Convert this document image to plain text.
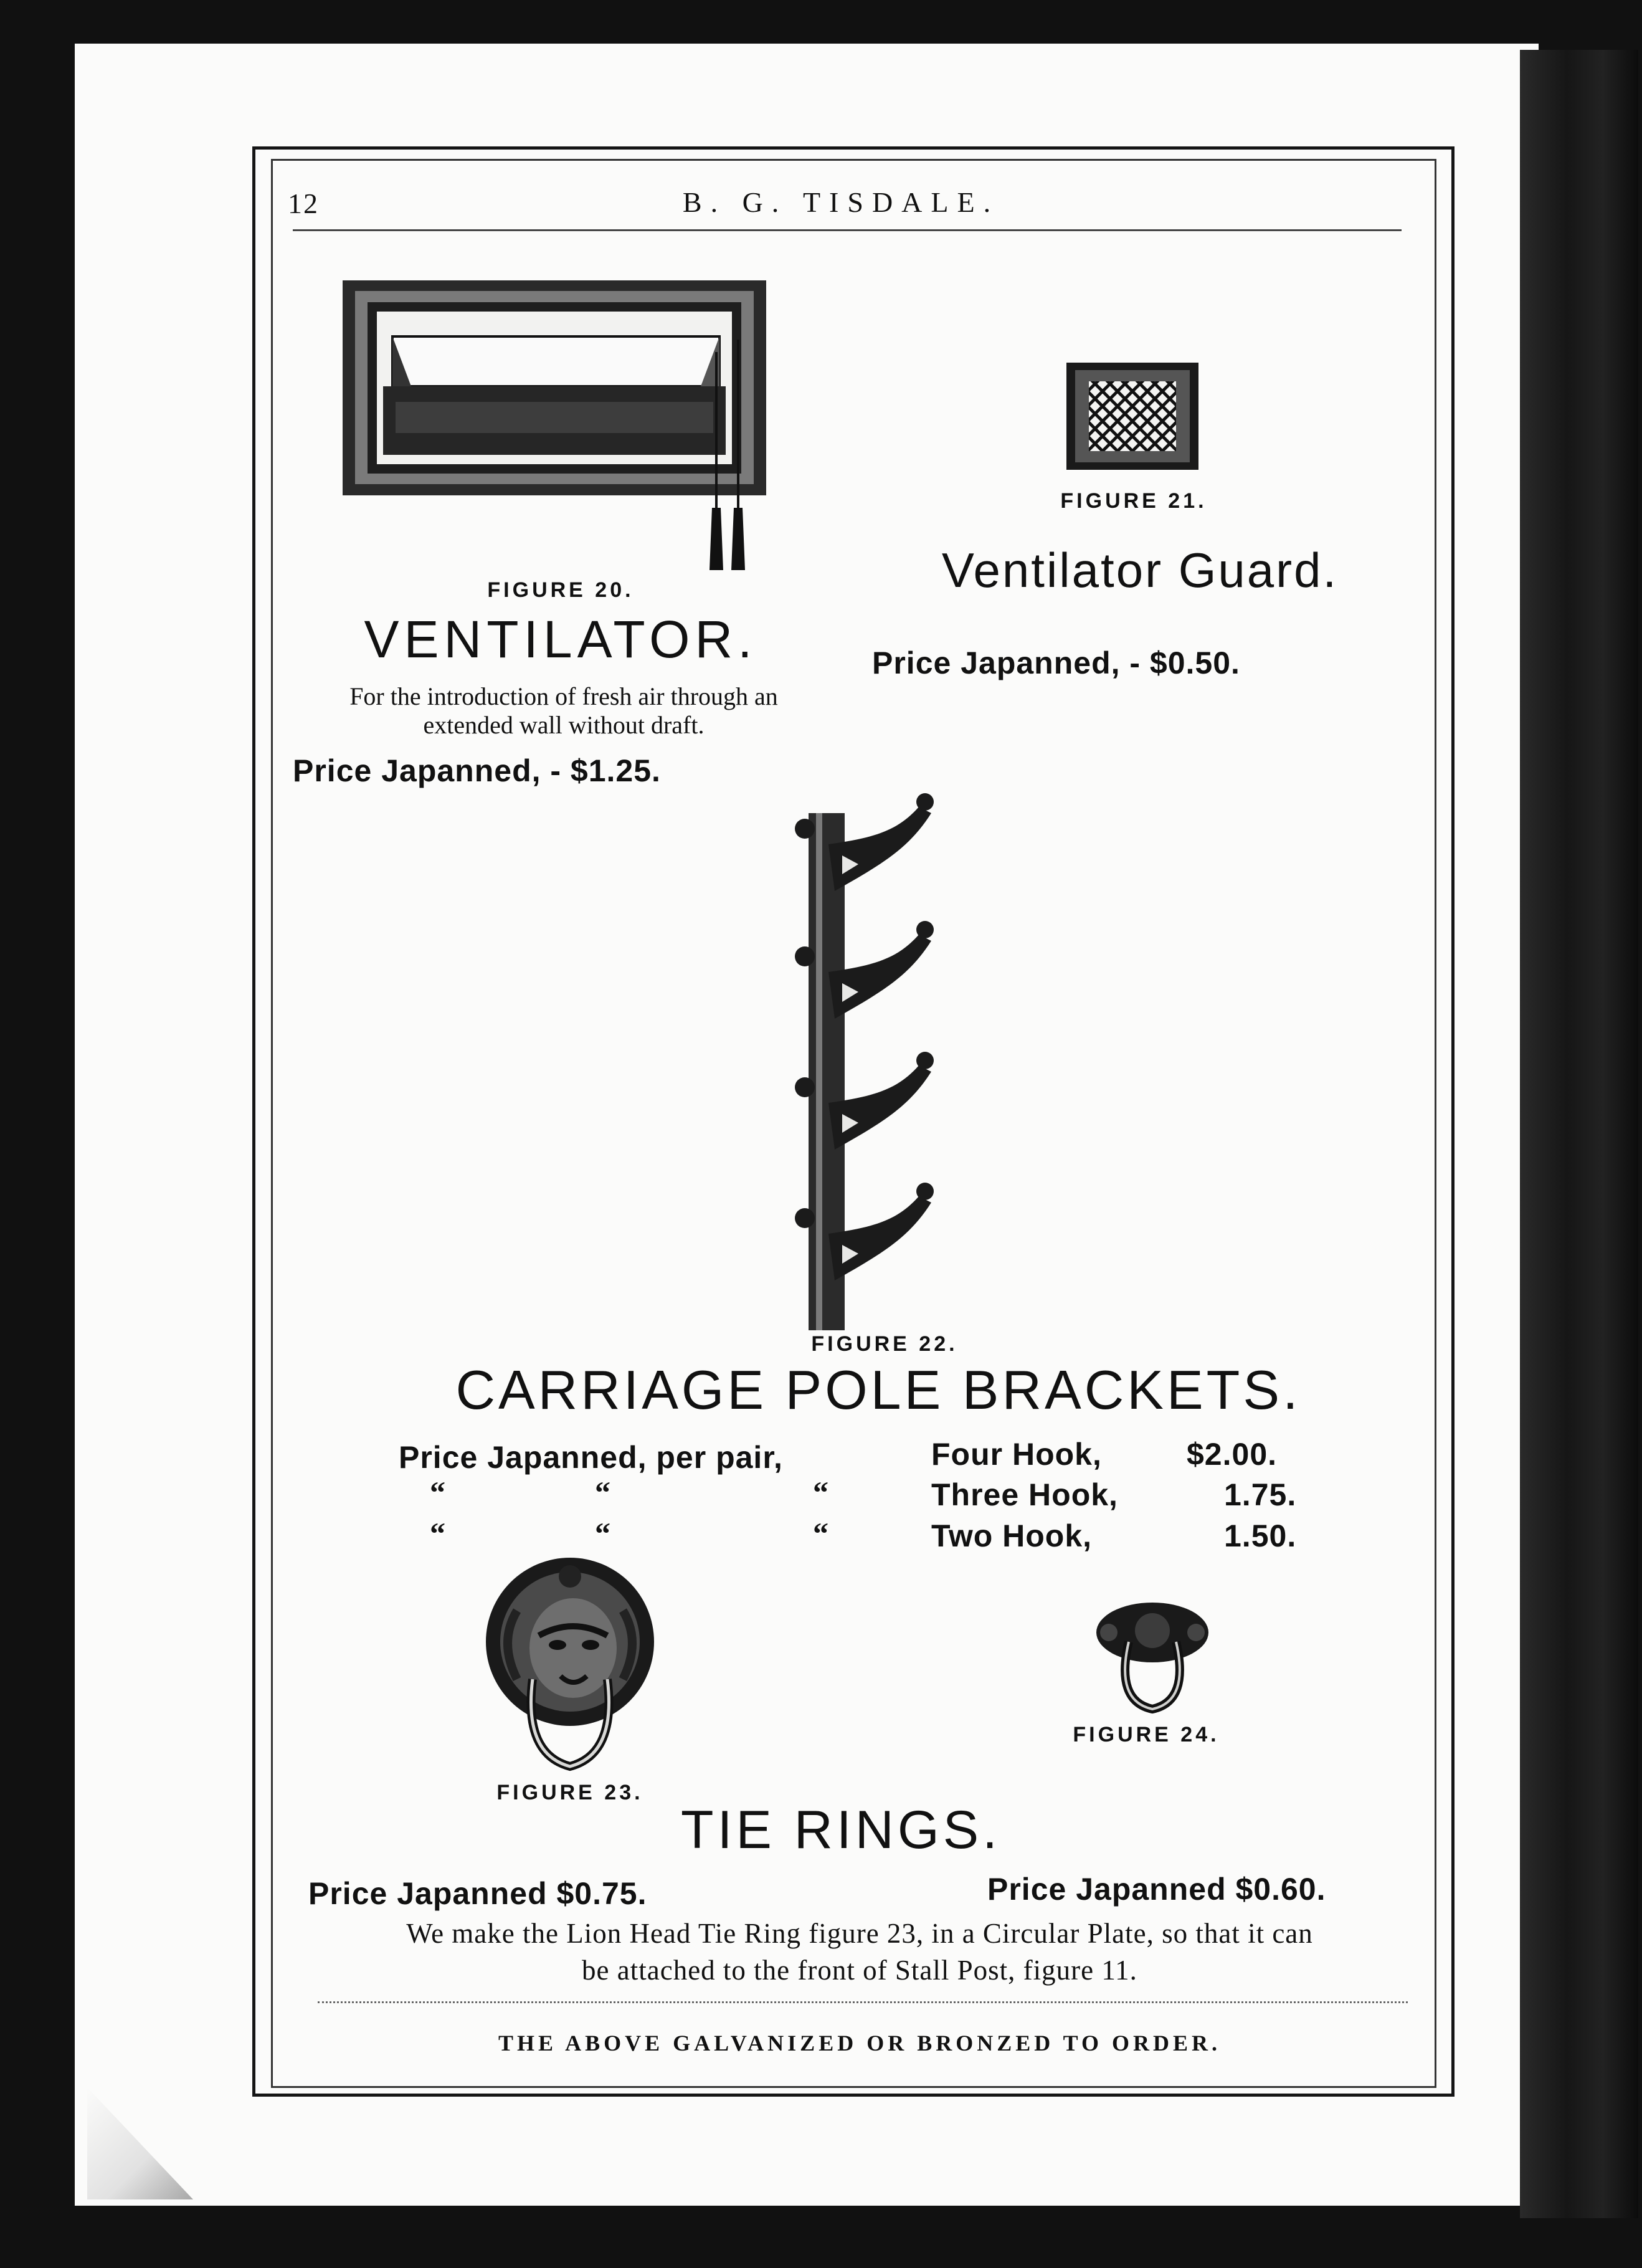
12	B. G. TISDALE.
FIGURE 20.
VENTILATOR.
For the introduction of fresh air through an
extended wall without draft.
Price Japanned, - $1.25.
FIGURE 21.
Ventilator Guard.
Price Japanned, - $0.50.
FIGURE 22.
CARRIAGE POLE BRACKETS.
Price Japanned, per pair,
“	“	“
“	“	“
Four Hook,	$2.00.
Three Hook,	1.75.
Two Hook,	1.50.
FIGURE 23.
FIGURE 24.
TIE RINGS.
Price Japanned $0.75.	Price Japanned $0.60.
We make the Lion Head Tie Ring figure 23, in a Circular Plate, so that it can
be attached to the front of Stall Post, figure 11.
THE ABOVE GALVANIZED OR BRONZED TO ORDER.
